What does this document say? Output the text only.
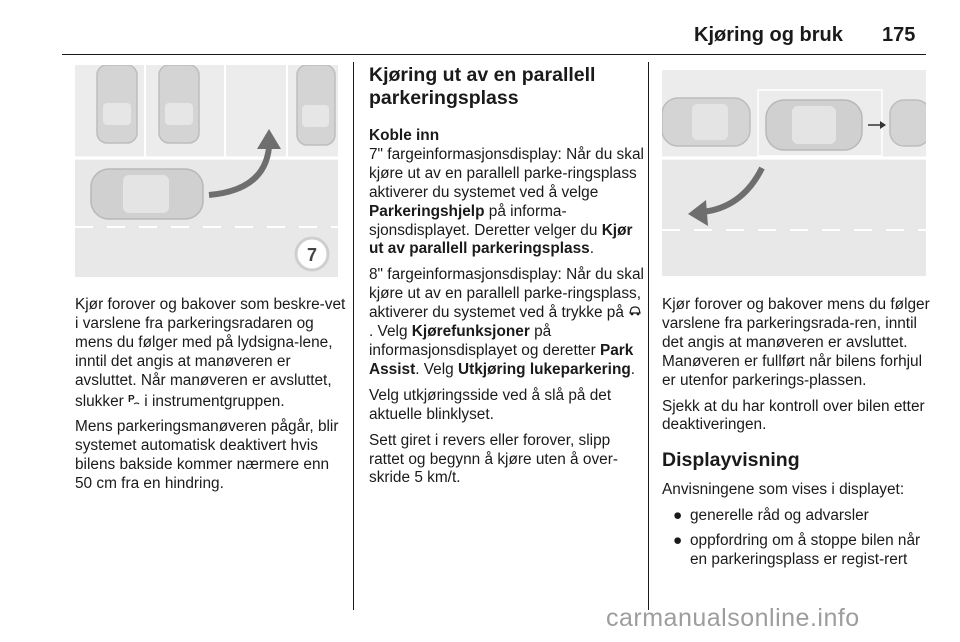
Kjøring og bruk 175
7

Kjør forover og bakover som beskre-vet i varslene fra parkeringsradaren og mens du følger med på lydsigna-lene, inntil det angis at manøveren er avsluttet. Når manøveren er avsluttet, slukker P i instrumentgruppen.

Mens parkeringsmanøveren pågår, blir systemet automatisk deaktivert hvis bilens bakside kommer nærmere enn 50 cm fra en hindring.

Kjøring ut av en parallell parkeringsplass
Koble inn

7" fargeinformasjonsdisplay: Når du skal kjøre ut av en parallell parke-ringsplass aktiverer du systemet ved å velge Parkeringshjelp på informa-sjonsdisplayet. Deretter velger du Kjør ut av parallell parkeringsplass.

8" fargeinformasjonsdisplay: Når du skal kjøre ut av en parallell parke-ringsplass, aktiverer du systemet ved å trykke på . Velg Kjørefunksjoner på informasjonsdisplayet og deretter Park Assist. Velg Utkjøring lukeparkering.

Velg utkjøringsside ved å slå på det aktuelle blinklyset.

Sett giret i revers eller forover, slipp rattet og begynn å kjøre uten å over-skride 5 km/t.

Kjør forover og bakover mens du følger varslene fra parkeringsrada-ren, inntil det angis at manøveren er avsluttet. Manøveren er fullført når bilens forhjul er utenfor parkerings-plassen.

Sjekk at du har kontroll over bilen etter deaktiveringen.

Displayvisning

Anvisningene som vises i displayet:

● generelle råd og advarsler
● oppfordring om å stoppe bilen når en parkeringsplass er regist-rert
carmanualsonline.info
